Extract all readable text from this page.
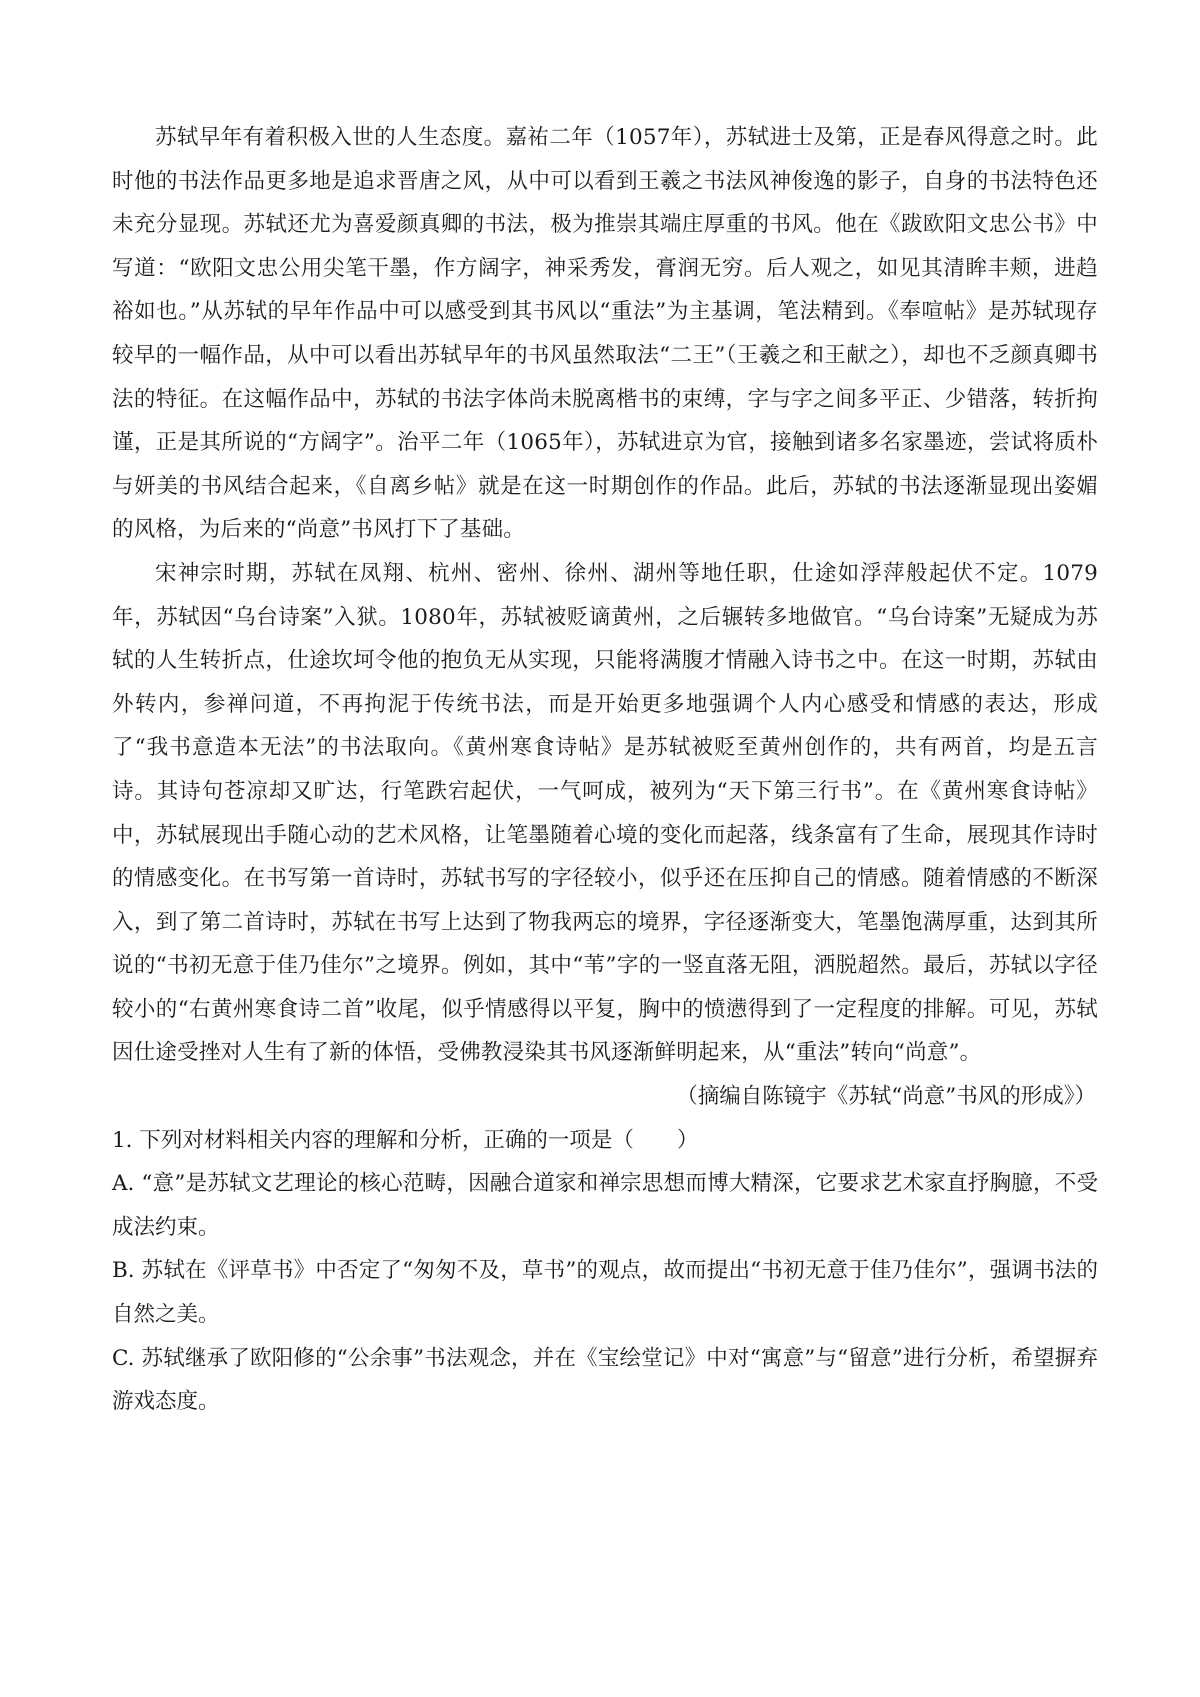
苏轼早年有着积极入世的人生态度。嘉祐二年（1057年），苏轼进士及第，正是春风得意之时。此时他的书法作品更多地是追求晋唐之风，从中可以看到王羲之书法风神俊逸的影子，自身的书法特色还未充分显现。苏轼还尤为喜爱颜真卿的书法，极为推崇其端庄厚重的书风。他在《跋欧阳文忠公书》中写道：“欧阳文忠公用尖笔干墨，作方阔字，神采秀发，膏润无穷。后人观之，如见其清眸丰颊，进趋裕如也。”从苏轼的早年作品中可以感受到其书风以“重法”为主基调，笔法精到。《奉喧帖》是苏轼现存较早的一幅作品，从中可以看出苏轼早年的书风虽然取法“二王”（王羲之和王献之），却也不乏颜真卿书法的特征。在这幅作品中，苏轼的书法字体尚未脱离楷书的束缚，字与字之间多平正、少错落，转折拘谨，正是其所说的“方阔字”。治平二年（1065年），苏轼进京为官，接触到诸多名家墨迹，尝试将质朴与妍美的书风结合起来，《自离乡帖》就是在这一时期创作的作品。此后，苏轼的书法逐渐显现出姿媚的风格，为后来的“尚意”书风打下了基础。

宋神宗时期，苏轼在凤翔、杭州、密州、徐州、湖州等地任职，仕途如浮萍般起伏不定。1079年，苏轼因“乌台诗案”入狱。1080年，苏轼被贬谪黄州，之后辗转多地做官。“乌台诗案”无疑成为苏轼的人生转折点，仕途坎坷令他的抱负无从实现，只能将满腹才情融入诗书之中。在这一时期，苏轼由外转内，参禅问道，不再拘泥于传统书法，而是开始更多地强调个人内心感受和情感的表达，形成了“我书意造本无法”的书法取向。《黄州寒食诗帖》是苏轼被贬至黄州创作的，共有两首，均是五言诗。其诗句苍凉却又旷达，行笔跌宕起伏，一气呵成，被列为“天下第三行书”。在《黄州寒食诗帖》中，苏轼展现出手随心动的艺术风格，让笔墨随着心境的变化而起落，线条富有了生命，展现其作诗时的情感变化。在书写第一首诗时，苏轼书写的字径较小，似乎还在压抑自己的情感。随着情感的不断深入，到了第二首诗时，苏轼在书写上达到了物我两忘的境界，字径逐渐变大，笔墨饱满厚重，达到其所说的“书初无意于佳乃佳尔”之境界。例如，其中“苇”字的一竖直落无阻，洒脱超然。最后，苏轼以字径较小的“右黄州寒食诗二首”收尾，似乎情感得以平复，胸中的愤懑得到了一定程度的排解。可见，苏轼因仕途受挫对人生有了新的体悟，受佛教浸染其书风逐渐鲜明起来，从“重法”转向“尚意”。

（摘编自陈镜宇《苏轼“尚意”书风的形成》）

1. 下列对材料相关内容的理解和分析，正确的一项是（　　）

A. “意”是苏轼文艺理论的核心范畴，因融合道家和禅宗思想而博大精深，它要求艺术家直抒胸臆，不受成法约束。

B. 苏轼在《评草书》中否定了“匆匆不及，草书”的观点，故而提出“书初无意于佳乃佳尔”，强调书法的自然之美。

C. 苏轼继承了欧阳修的“公余事”书法观念，并在《宝绘堂记》中对“寓意”与“留意”进行分析，希望摒弃游戏态度。
